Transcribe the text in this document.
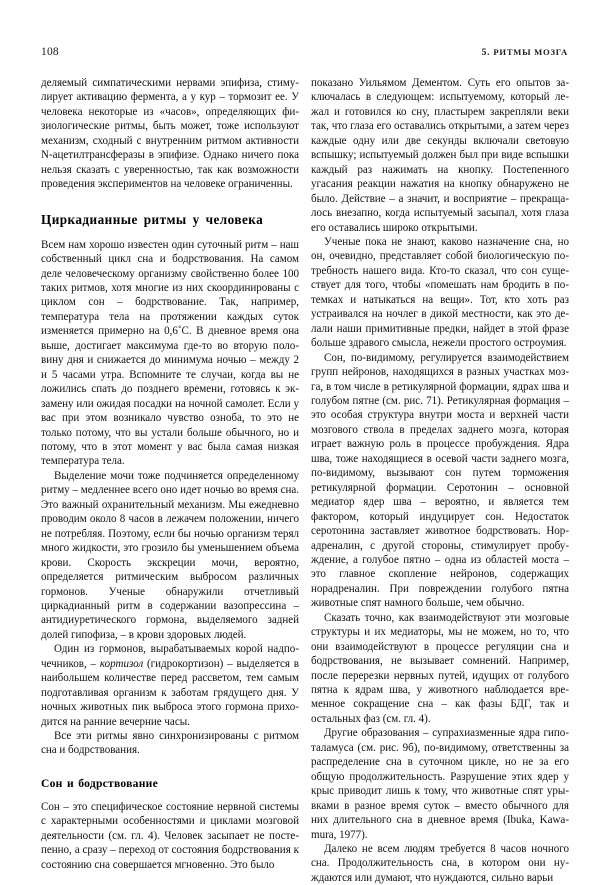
108	5. РИТМЫ МОЗГА

деляемый симпатическими нервами эпифиза, стимулирует активацию фермента, а у кур – тормозит ее. У человека некоторые из «часов», определяющих физиологические ритмы, быть может, тоже используют механизм, сходный с внутренним ритмом активности N-ацетилтрансферазы в эпифизе. Однако ничего пока нельзя сказать с уверенностью, так как возможности проведения экспериментов на человеке ограниченны.

Циркадианные ритмы у человека

Всем нам хорошо известен один суточный ритм – наш собственный цикл сна и бодрствования. На самом деле человеческому организму свойственно более 100 таких ритмов, хотя многие из них скоординированы с циклом сон – бодрствование. Так, например, температура тела на протяжении каждых суток изменяется примерно на 0,6˚С. В дневное время она выше, достигает максимума где-то во вторую половину дня и снижается до минимума ночью – между 2 и 5 часами утра. Вспомните те случаи, когда вы не ложились спать до позднего времени, готовясь к экзамену или ожидая посадки на ночной самолет. Если у вас при этом возникало чувство озноба, то это не только потому, что вы устали больше обычного, но и потому, что в этот момент у вас была самая низкая температура тела.

Выделение мочи тоже подчиняется определенному ритму – медленнее всего оно идет ночью во время сна. Это важный охранительный механизм. Мы ежедневно проводим около 8 часов в лежачем положении, ничего не потребляя. Поэтому, если бы ночью организм терял много жидкости, это грозило бы уменьшением объема крови. Скорость экскреции мочи, вероятно, определяется ритмическим выбросом различных гормонов. Ученые обнаружили отчетливый циркадианный ритм в содержании вазопрессина – антидиуретического гормона, выделяемого задней долей гипофиза, – в крови здоровых людей.

Один из гормонов, вырабатываемых корой надпочечников, – кортизол (гидрокортизон) – выделяется в наибольшем количестве перед рассветом, тем самым подготавливая организм к заботам грядущего дня. У ночных животных пик выброса этого гормона приходится на ранние вечерние часы.

Все эти ритмы явно синхронизированы с ритмом сна и бодрствования.

Сон и бодрствование

Сон – это специфическое состояние нервной системы с характерными особенностями и циклами мозговой деятельности (см. гл. 4). Человек засыпает не постепенно, а сразу – переход от состояния бодрствования к состоянию сна совершается мгновенно. Это было

показано Уильямом Дементом. Суть его опытов заключалась в следующем: испытуемому, который лежал и готовился ко сну, пластырем закрепляли веки так, что глаза его оставались открытыми, а затем через каждые одну или две секунды включали световую вспышку; испытуемый должен был при виде вспышки каждый раз нажимать на кнопку. Постепенного угасания реакции нажатия на кнопку обнаружено не было. Действие – а значит, и восприятие – прекращалось внезапно, когда испытуемый засыпал, хотя глаза его оставались широко открытыми.

Ученые пока не знают, каково назначение сна, но он, очевидно, представляет собой биологическую потребность нашего вида. Кто-то сказал, что сон существует для того, чтобы «помешать нам бродить в потемках и натыкаться на вещи». Тот, кто хоть раз устраивался на ночлег в дикой местности, как это делали наши примитивные предки, найдет в этой фразе больше здравого смысла, нежели простого острoумия.

Сон, по-видимому, регулируется взаимодействием групп нейронов, находящихся в разных участках мозга, в том числе в ретикулярной формации, ядрах шва и голубом пятне (см. рис. 71). Ретикулярная формация – это особая структура внутри моста и верхней части мозгового ствола в пределах заднего мозга, которая играет важную роль в процессе пробуждения. Ядра шва, тоже находящиеся в осевой части заднего мозга, по-видимому, вызывают сон путем торможения ретикулярной формации. Серотонин – основной медиатор ядер шва – вероятно, и является тем фактором, который индуцирует сон. Недостаток серотонина заставляет животное бодрствовать. Норадреналин, с другой стороны, стимулирует пробуждение, а голубое пятно – одна из областей моста – это главное скопление нейронов, содержащих норадреналин. При повреждении голубого пятна животные спят намного больше, чем обычно.

Сказать точно, как взаимодействуют эти мозговые структуры и их медиаторы, мы не можем, но то, что они взаимодействуют в процессе регуляции сна и бодрствования, не вызывает сомнений. Например, после перерезки нервных путей, идущих от голубого пятна к ядрам шва, у животного наблюдается временное сокращение сна – как фазы БДГ, так и остальных фаз (см. гл. 4).

Другие образования – супрахиазменные ядра гипоталамуса (см. рис. 9б), по-видимому, ответственны за распределение сна в суточном цикле, но не за его общую продолжительность. Разрушение этих ядер у крыс приводит лишь к тому, что животные спят урывками в разное время суток – вместо обычного для них длительного сна в дневное время (Ibuka, Kawamura, 1977).

Далеко не всем людям требуется 8 часов ночного сна. Продолжительность сна, в котором они нуждаются или думают, что нуждаются, сильно варьи
